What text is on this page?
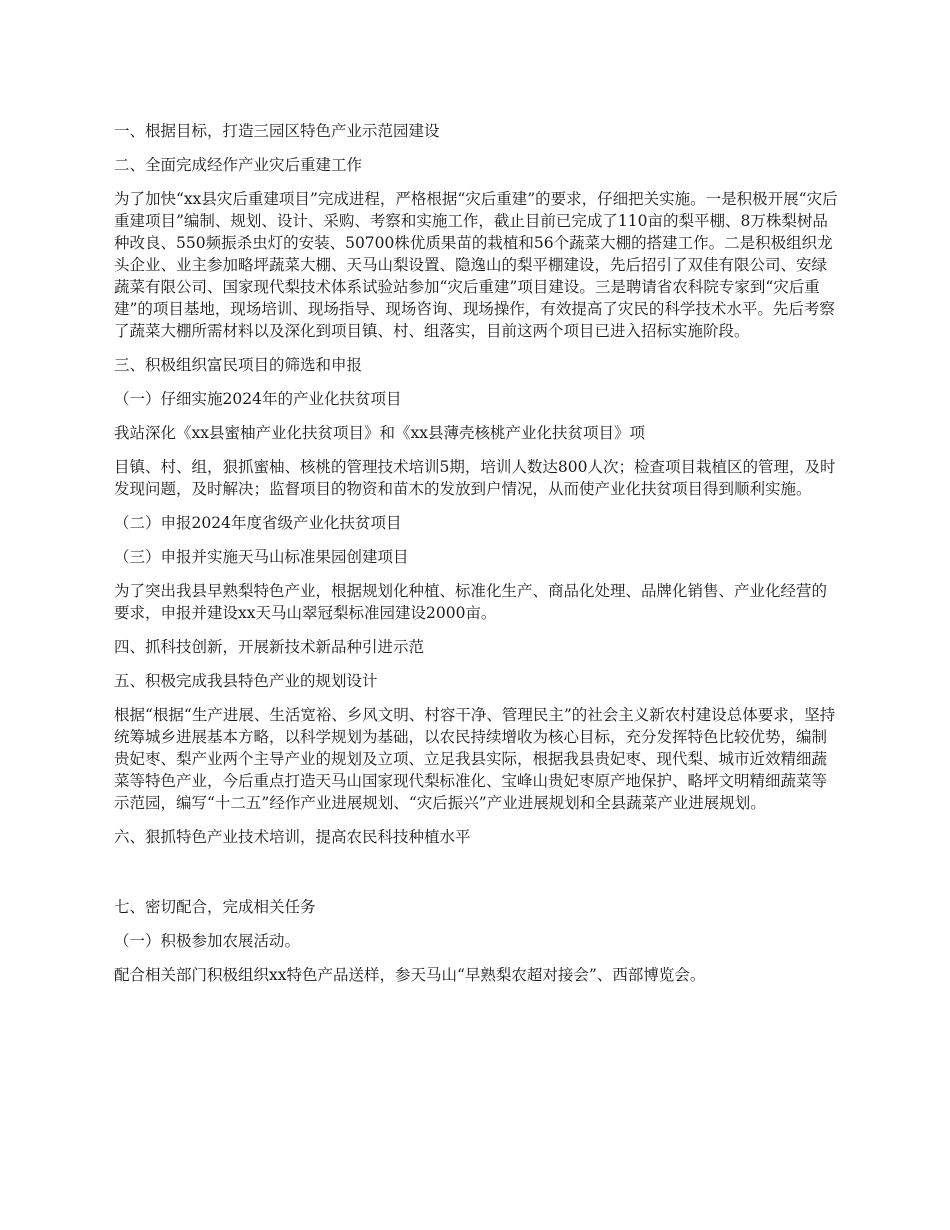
一、根据目标，打造三园区特色产业示范园建设

二、全面完成经作产业灾后重建工作

为了加快“xx县灾后重建项目”完成进程，严格根据“灾后重建”的要求，仔细把关实施。一是积极开展“灾后重建项目”编制、规划、设计、采购、考察和实施工作，截止目前已完成了110亩的梨平棚、8万株梨树品种改良、550频振杀虫灯的安装、50700株优质果苗的栽植和56个蔬菜大棚的搭建工作。二是积极组织龙头企业、业主参加略坪蔬菜大棚、天马山梨设置、隐逸山的梨平棚建设，先后招引了双佳有限公司、安绿蔬菜有限公司、国家现代梨技术体系试验站参加“灾后重建”项目建设。三是聘请省农科院专家到“灾后重建”的项目基地，现场培训、现场指导、现场咨询、现场操作，有效提高了灾民的科学技术水平。先后考察了蔬菜大棚所需材料以及深化到项目镇、村、组落实，目前这两个项目已进入招标实施阶段。

三、积极组织富民项目的筛选和申报

（一）仔细实施2024年的产业化扶贫项目

我站深化《xx县蜜柚产业化扶贫项目》和《xx县薄壳核桃产业化扶贫项目》项

目镇、村、组，狠抓蜜柚、核桃的管理技术培训5期，培训人数达800人次；检查项目栽植区的管理，及时发现问题，及时解决；监督项目的物资和苗木的发放到户情况，从而使产业化扶贫项目得到顺利实施。

（二）申报2024年度省级产业化扶贫项目

（三）申报并实施天马山标准果园创建项目

为了突出我县早熟梨特色产业，根据规划化种植、标准化生产、商品化处理、品牌化销售、产业化经营的要求，申报并建设xx天马山翠冠梨标准园建设2000亩。

四、抓科技创新，开展新技术新品种引进示范

五、积极完成我县特色产业的规划设计

根据“根据“生产进展、生活宽裕、乡风文明、村容干净、管理民主”的社会主义新农村建设总体要求，坚持统筹城乡进展基本方略，以科学规划为基础，以农民持续增收为核心目标，充分发挥特色比较优势，编制贵妃枣、梨产业两个主导产业的规划及立项、立足我县实际，根据我县贵妃枣、现代梨、城市近效精细蔬菜等特色产业，今后重点打造天马山国家现代梨标准化、宝峰山贵妃枣原产地保护、略坪文明精细蔬菜等示范园，编写“十二五”经作产业进展规划、“灾后振兴”产业进展规划和全县蔬菜产业进展规划。

六、狠抓特色产业技术培训，提高农民科技种植水平

七、密切配合，完成相关任务

（一）积极参加农展活动。

配合相关部门积极组织xx特色产品送样，参天马山“早熟梨农超对接会”、西部博览会。
